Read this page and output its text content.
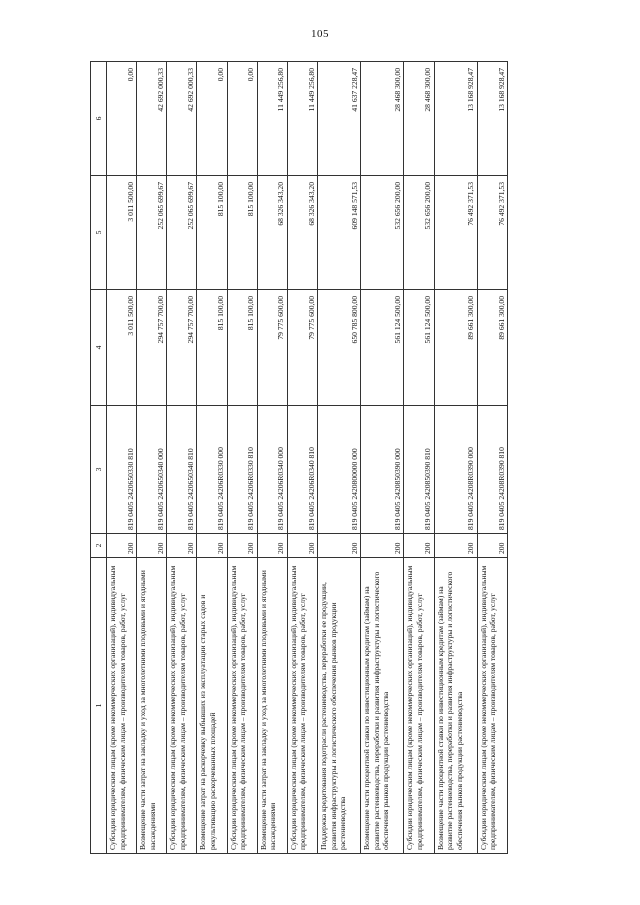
105
1	2	3	4	5	6
Субсидии юридическим лицам (кроме некоммерческих организаций), индивидуальным предпринимателям, физическим лицам – производителям товаров, работ, услуг	200	819 0405 2420650330 810	3 011 500,00	3 011 500,00	0,00
Возмещение части затрат на закладку и уход за многолетними плодовыми и ягодными насаждениями	200	819 0405 2420650340 000	294 757 700,00	252 065 699,67	42 692 000,33
Субсидии юридическим лицам (кроме некоммерческих организаций), индивидуальным предпринимателям, физическим лицам – производителям товаров, работ, услуг	200	819 0405 2420650340 810	294 757 700,00	252 065 699,67	42 692 000,33
Возмещение затрат на раскорчевку выбывших из эксплуатации старых садов и рекультивацию раскорчеванных площадей	200	819 0405 24206R0330 000	815 100,00	815 100,00	0,00
Субсидии юридическим лицам (кроме некоммерческих организаций), индивидуальным предпринимателям, физическим лицам – производителям товаров, работ, услуг	200	819 0405 24206R0330 810	815 100,00	815 100,00	0,00
Возмещение части затрат на закладку и уход за многолетними плодовыми и ягодными насаждениями	200	819 0405 24206R0340 000	79 775 600,00	68 326 343,20	11 449 256,80
Субсидии юридическим лицам (кроме некоммерческих организаций), индивидуальным предпринимателям, физическим лицам – производителям товаров, работ, услуг	200	819 0405 24206R0340 810	79 775 600,00	68 326 343,20	11 449 256,80
Поддержка кредитования подотрасли растениеводства, переработки ее продукции, развития инфраструктуры и логистического обеспечения рынков продукции растениеводства	200	819 0405 2420800000 000	650 785 800,00	609 148 571,53	41 637 228,47
Возмещение части процентной ставки по инвестиционным кредитам (займам) на развитие растениеводства, переработки и развития инфраструктуры и логистического обеспечения рынков продукции растениеводства	200	819 0405 2420850390 000	561 124 500,00	532 656 200,00	28 468 300,00
Субсидии юридическим лицам (кроме некоммерческих организаций), индивидуальным предпринимателям, физическим лицам – производителям товаров, работ, услуг	200	819 0405 2420850390 810	561 124 500,00	532 656 200,00	28 468 300,00
Возмещение части процентной ставки по инвестиционным кредитам (займам) на развитие растениеводства, переработки и развития инфраструктуры и логистического обеспечения рынков продукции растениеводства	200	819 0405 24208R0390 000	89 661 300,00	76 492 371,53	13 168 928,47
Субсидии юридическим лицам (кроме некоммерческих организаций), индивидуальным предпринимателям, физическим лицам – производителям товаров, работ, услуг	200	819 0405 24208R0390 810	89 661 300,00	76 492 371,53	13 168 928,47
